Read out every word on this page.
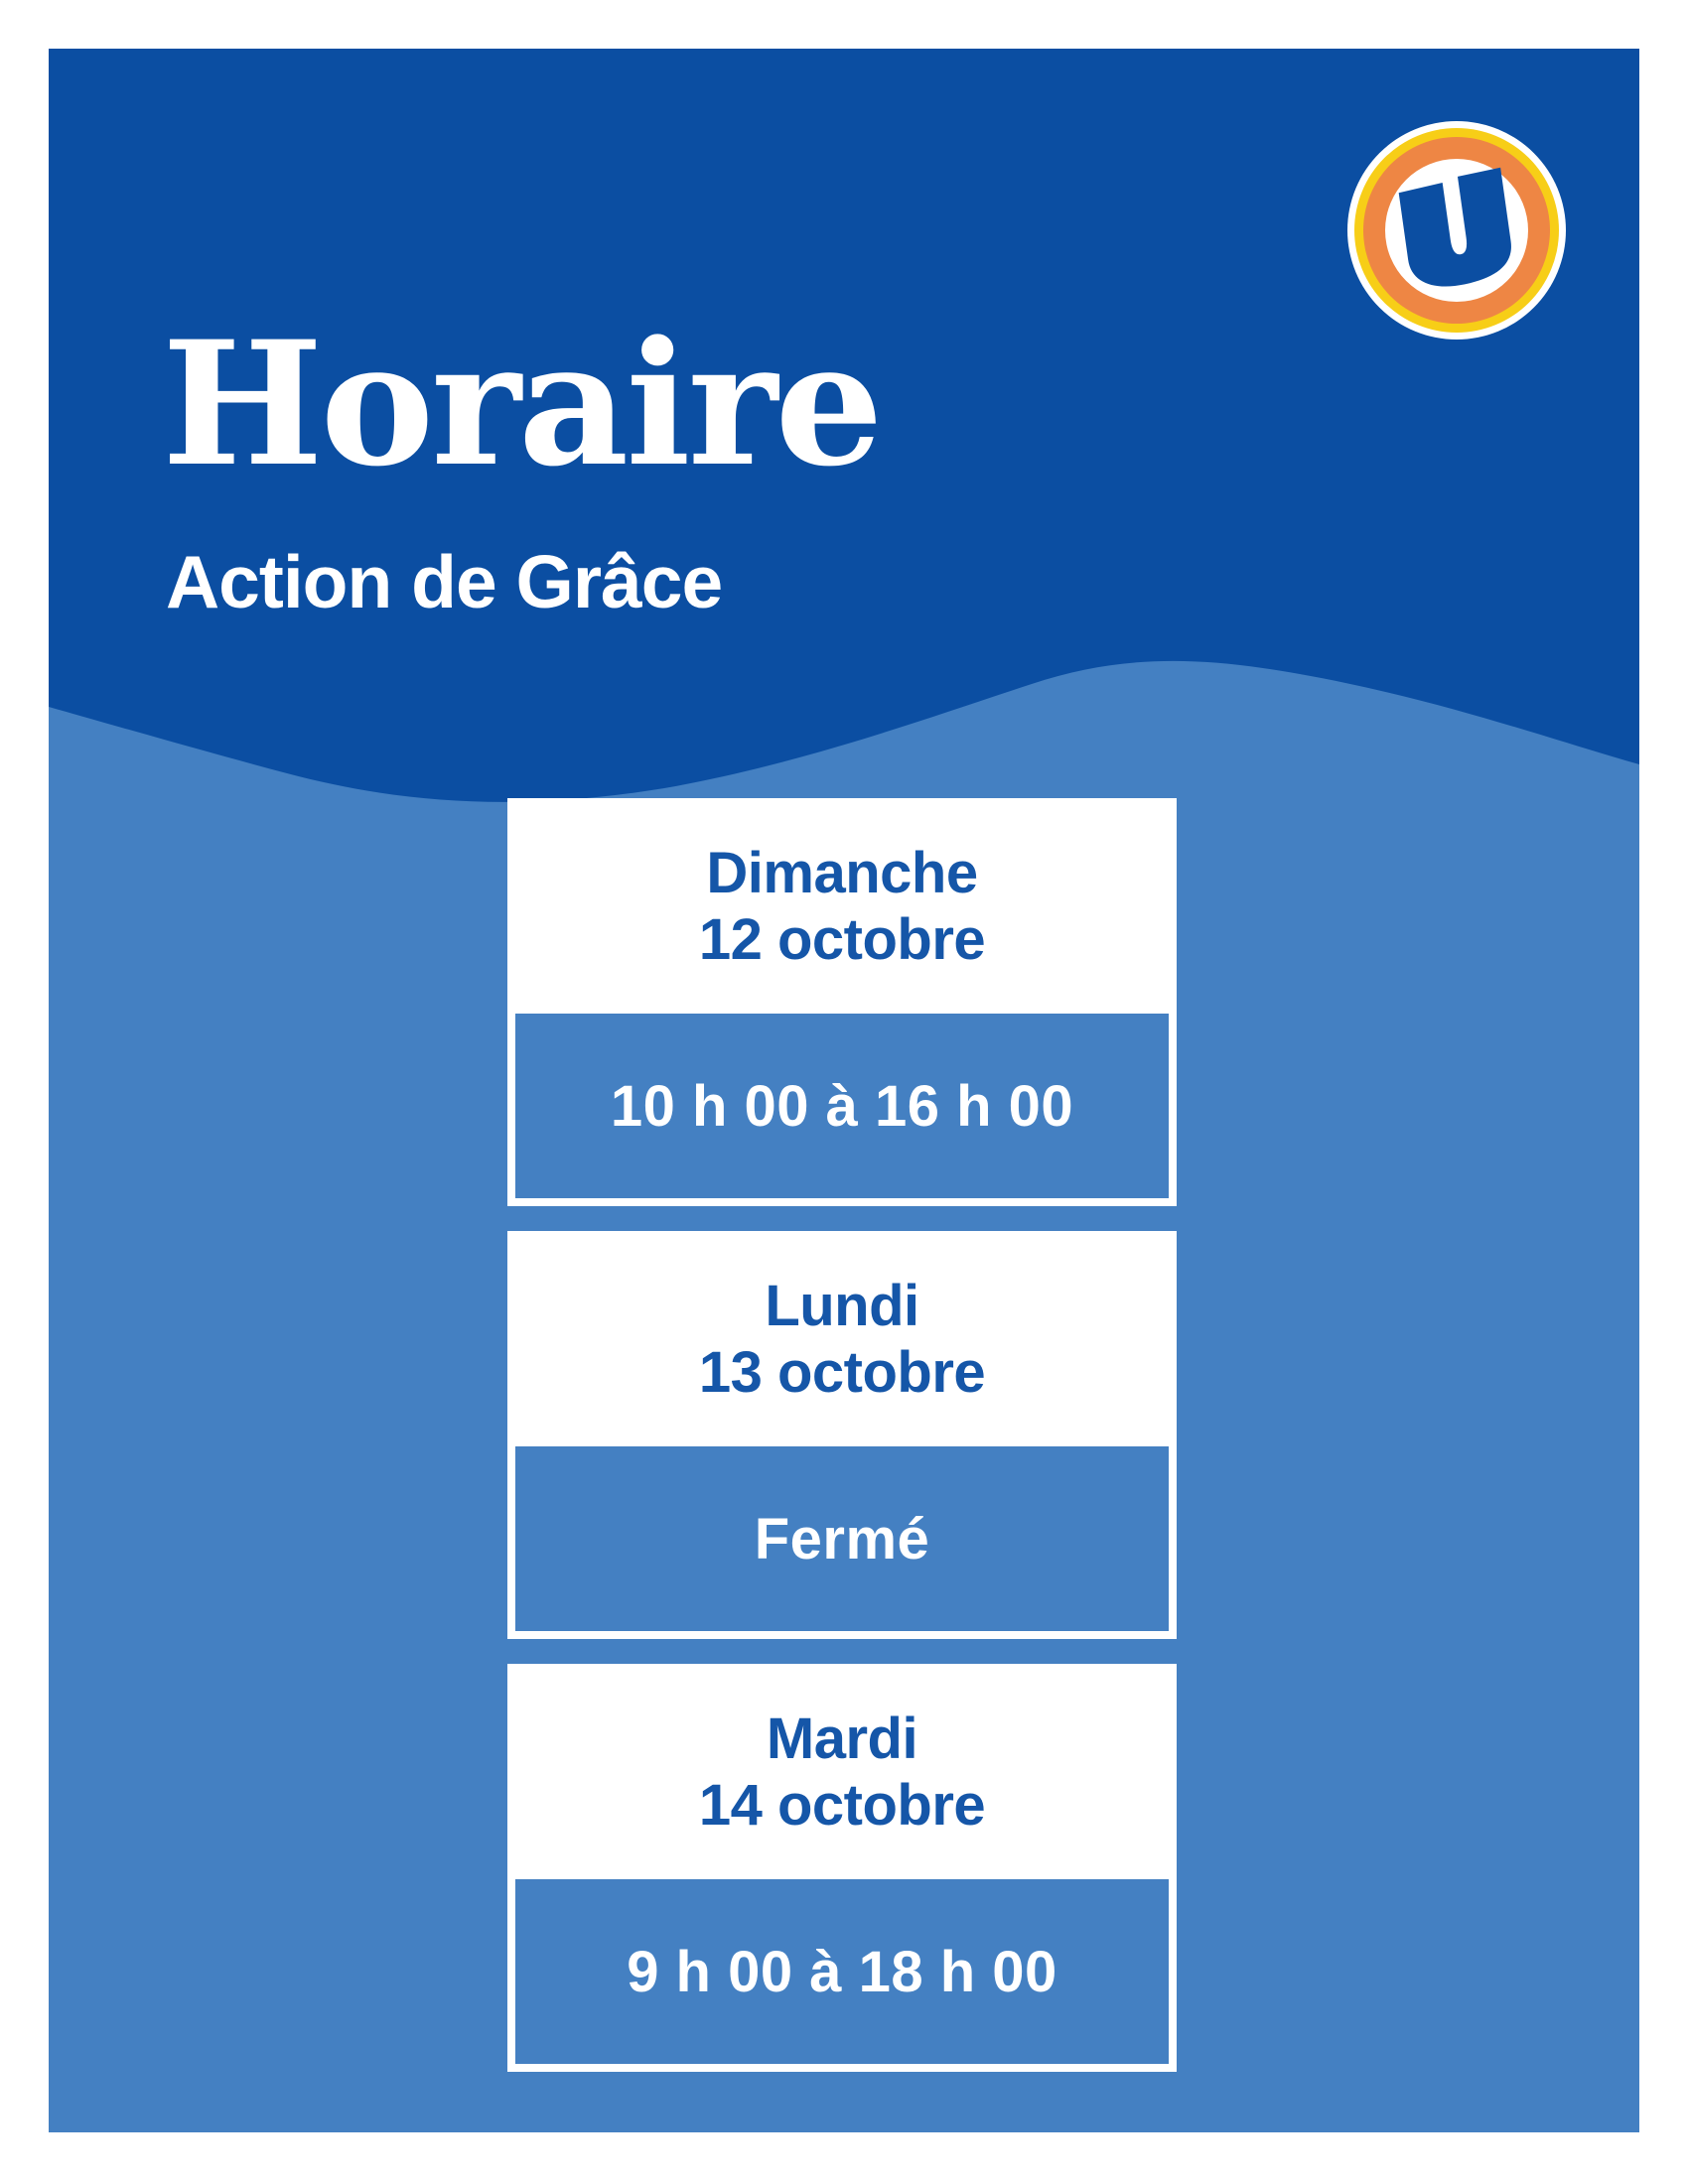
Horaire
Action de Grâce
Dimanche
12 octobre
10 h 00 à 16 h 00
Lundi
13 octobre
Fermé
Mardi
14 octobre
9 h 00 à 18 h 00
